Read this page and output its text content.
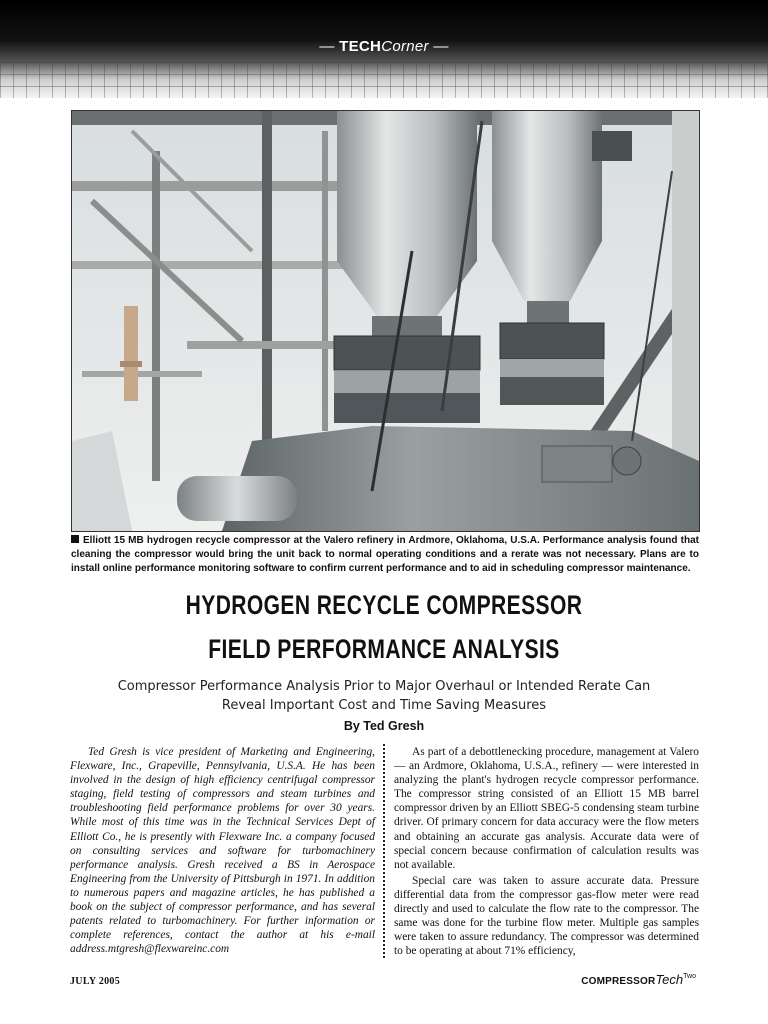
— TECHCorner —
Elliott 15 MB hydrogen recycle compressor at the Valero refinery in Ardmore, Oklahoma, U.S.A. Performance analysis found that cleaning the compressor would bring the unit back to normal operating conditions and a rerate was not necessary. Plans are to install online performance monitoring software to confirm current performance and to aid in scheduling compressor maintenance.
HYDROGEN RECYCLE COMPRESSOR
FIELD PERFORMANCE ANALYSIS
Compressor Performance Analysis Prior to Major Overhaul or Intended Rerate Can
Reveal Important Cost and Time Saving Measures
By Ted Gresh
Ted Gresh is vice president of Marketing and Engineering, Flexware, Inc., Grapeville, Pennsylvania, U.S.A. He has been involved in the design of high efficiency centrifugal compressor staging, field testing of compressors and steam turbines and troubleshooting field performance problems for over 30 years. While most of this time was in the Technical Services Dept of Elliott Co., he is presently with Flexware Inc. a company focused on consulting services and software for turbomachinery performance analysis. Gresh received a BS in Aerospace Engineering from the University of Pittsburgh in 1971. In addition to numerous papers and magazine articles, he has published a book on the subject of compressor performance, and has several patents related to turbomachinery. For further information or complete references, contact the author at his e-mail address.mtgresh@flexwareinc.com

As part of a debottlenecking procedure, management at Valero — an Ardmore, Oklahoma, U.S.A., refinery — were interested in analyzing the plant's hydrogen recycle compressor performance. The compressor string consisted of an Elliott 15 MB barrel compressor driven by an Elliott SBEG-5 condensing steam turbine driver. Of primary concern for data accuracy were the flow meters and obtaining an accurate gas analysis. Accurate data were of special concern because confirmation of calculation results was not available.

Special care was taken to assure accurate data. Pressure differential data from the compressor gas-flow meter were read directly and used to calculate the flow rate to the compressor. The same was done for the turbine flow meter. Multiple gas samples were taken to assure redundancy. The compressor was determined to be operating at about 71% efficiency,

JULY 2005	COMPRESSORTech$^{Two}$
